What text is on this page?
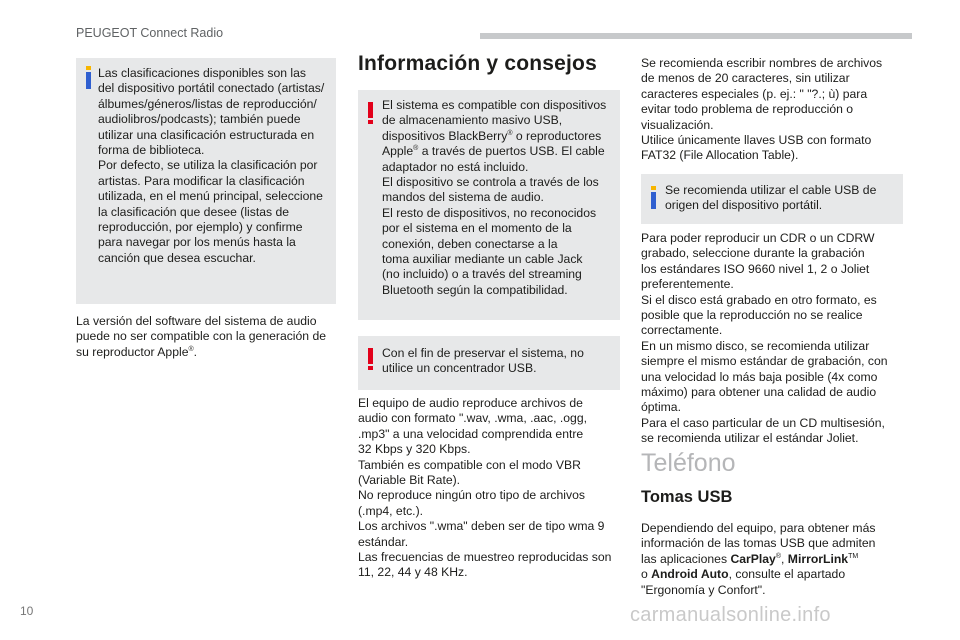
PEUGEOT Connect Radio
Las clasificaciones disponibles son las
del dispositivo portátil conectado (artistas/
álbumes/géneros/listas de reproducción/
audiolibros/podcasts); también puede
utilizar una clasificación estructurada en
forma de biblioteca.
Por defecto, se utiliza la clasificación por
artistas. Para modificar la clasificación
utilizada, en el menú principal, seleccione
la clasificación que desee (listas de
reproducción, por ejemplo) y confirme
para navegar por los menús hasta la
canción que desea escuchar.
La versión del software del sistema de audio
puede no ser compatible con la generación de
su reproductor Apple®.
Información y consejos
El sistema es compatible con dispositivos
de almacenamiento masivo USB,
dispositivos BlackBerry® o reproductores
Apple® a través de puertos USB. El cable
adaptador no está incluido.
El dispositivo se controla a través de los
mandos del sistema de audio.
El resto de dispositivos, no reconocidos
por el sistema en el momento de la
conexión, deben conectarse a la
toma auxiliar mediante un cable Jack
(no incluido) o a través del streaming
Bluetooth según la compatibilidad.
Con el fin de preservar el sistema, no
utilice un concentrador USB.
El equipo de audio reproduce archivos de
audio con formato ".wav, .wma, .aac, .ogg,
.mp3" a una velocidad comprendida entre
32 Kbps y 320 Kbps.
También es compatible con el modo VBR
(Variable Bit Rate).
No reproduce ningún otro tipo de archivos
(.mp4, etc.).
Los archivos ".wma" deben ser de tipo wma 9
estándar.
Las frecuencias de muestreo reproducidas son
11, 22, 44 y 48 KHz.
Se recomienda escribir nombres de archivos
de menos de 20 caracteres, sin utilizar
caracteres especiales (p. ej.: " "?.; ù) para
evitar todo problema de reproducción o
visualización.
Utilice únicamente llaves USB con formato
FAT32 (File Allocation Table).
Se recomienda utilizar el cable USB de
origen del dispositivo portátil.
Para poder reproducir un CDR o un CDRW
grabado, seleccione durante la grabación
los estándares ISO 9660 nivel 1, 2 o Joliet
preferentemente.
Si el disco está grabado en otro formato, es
posible que la reproducción no se realice
correctamente.
En un mismo disco, se recomienda utilizar
siempre el mismo estándar de grabación, con
una velocidad lo más baja posible (4x como
máximo) para obtener una calidad de audio
óptima.
Para el caso particular de un CD multisesión,
se recomienda utilizar el estándar Joliet.
Teléfono
Tomas USB
Dependiendo del equipo, para obtener más
información de las tomas USB que admiten
las aplicaciones CarPlay®, MirrorLink™
o Android Auto, consulte el apartado
"Ergonomía y Confort".
10	carmanualsonline.info
